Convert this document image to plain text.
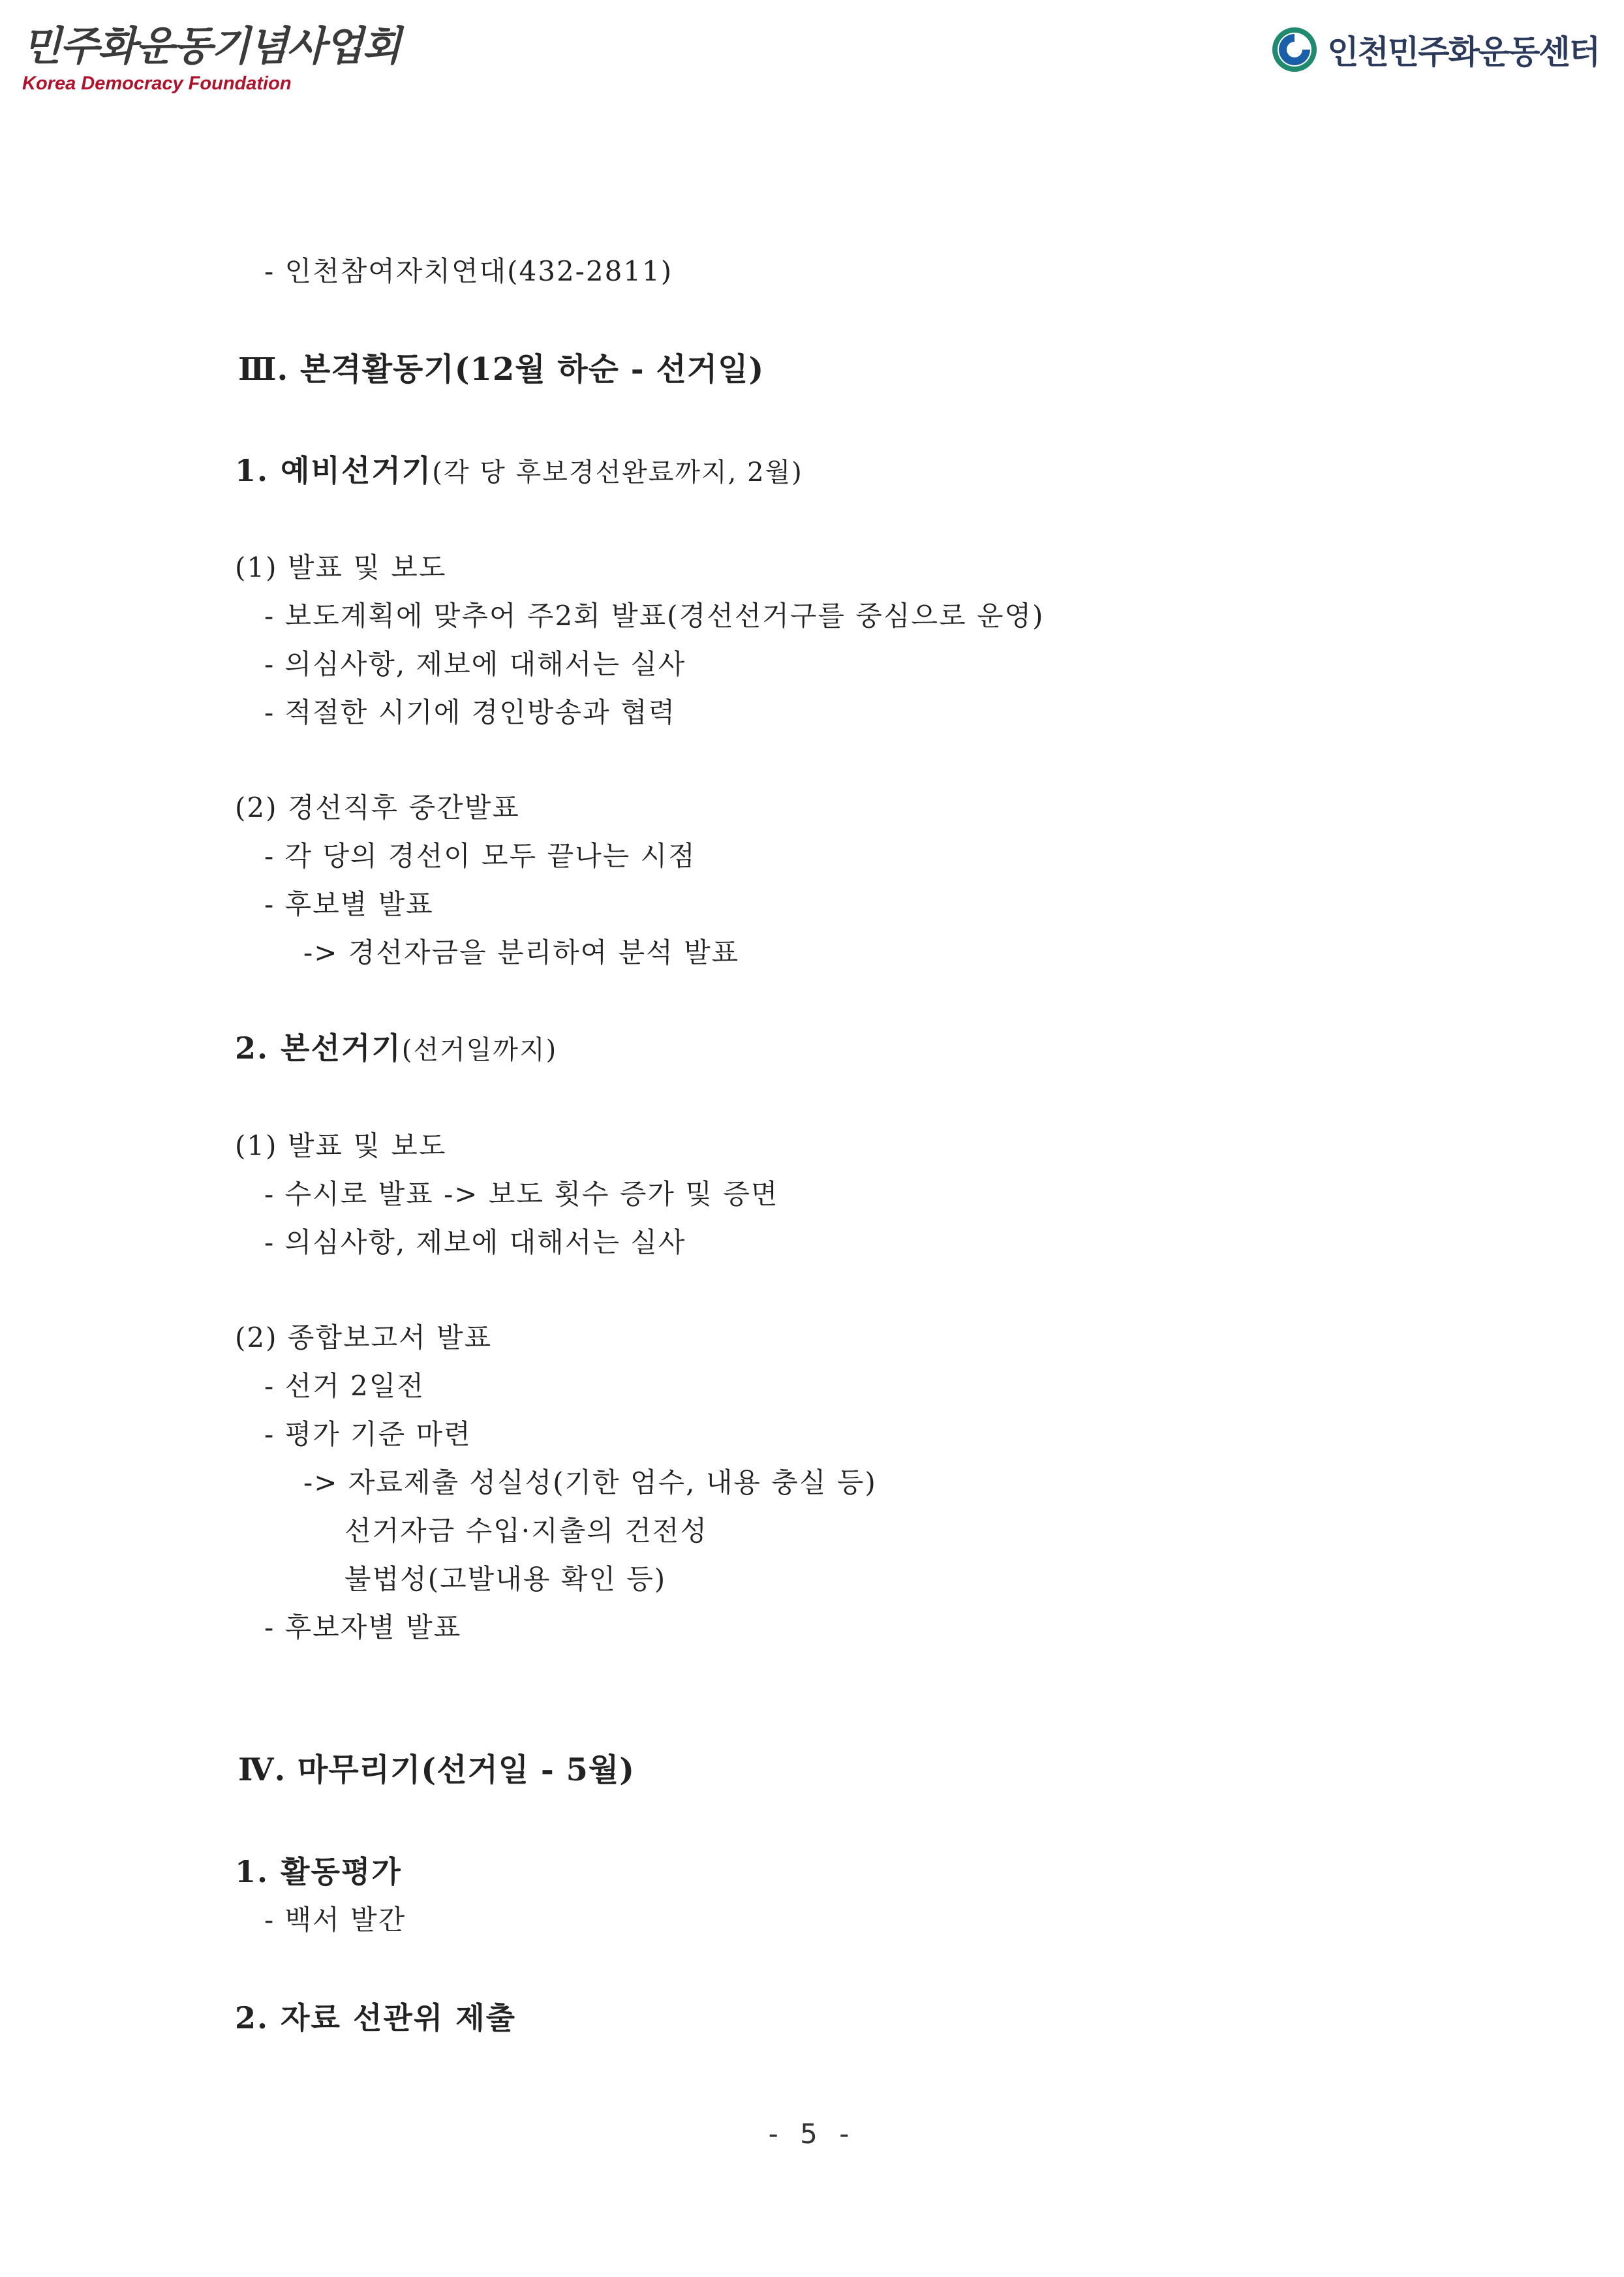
민주화운동기념사업회
Korea Democracy Foundation
인천민주화운동센터
- 인천참여자치연대(432-2811)
Ⅲ. 본격활동기(12월 하순 - 선거일)
1. 예비선거기(각 당 후보경선완료까지, 2월)
(1) 발표 및 보도
- 보도계획에 맞추어 주2회 발표(경선선거구를 중심으로 운영)
- 의심사항, 제보에 대해서는 실사
- 적절한 시기에 경인방송과 협력
(2) 경선직후 중간발표
- 각 당의 경선이 모두 끝나는 시점
- 후보별 발표
-> 경선자금을 분리하여 분석 발표
2. 본선거기(선거일까지)
(1) 발표 및 보도
- 수시로 발표 -> 보도 횟수 증가 및 증면
- 의심사항, 제보에 대해서는 실사
(2) 종합보고서 발표
- 선거 2일전
- 평가 기준 마련
-> 자료제출 성실성(기한 엄수, 내용 충실 등)
선거자금 수입·지출의 건전성
불법성(고발내용 확인 등)
- 후보자별 발표
Ⅳ. 마무리기(선거일 - 5월)
1. 활동평가
- 백서 발간
2. 자료 선관위 제출
- 5 -
